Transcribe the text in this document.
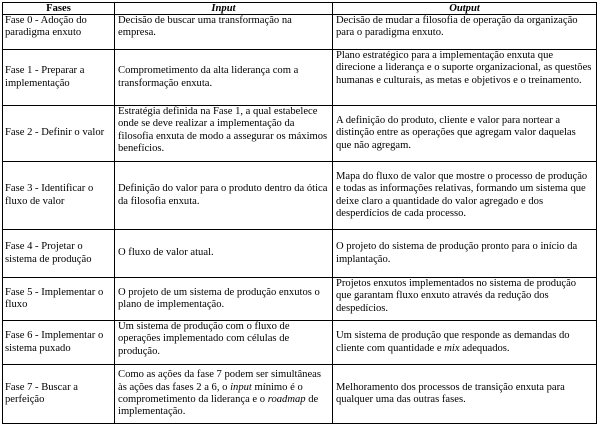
Fases	Input	Output
Fase 0 - Adoção do paradigma enxuto	Decisão de buscar uma transformação na empresa.	Decisão de mudar a filosofia de operação da organização para o paradigma enxuto.
Fase 1 - Preparar a implementação	Comprometimento da alta liderança com a transformação enxuta.	Plano estratégico para a implementação enxuta que direcione a liderança e o suporte organizacional, as questões humanas e culturais, as metas e objetivos e o treinamento.
Fase 2 - Definir o valor	Estratégia definida na Fase 1, a qual estabelece onde se deve realizar a implementação da filosofia enxuta de modo a assegurar os máximos benefícios.	A definição do produto, cliente e valor para nortear a distinção entre as operações que agregam valor daquelas que não agregam.
Fase 3 - Identificar o fluxo de valor	Definição do valor para o produto dentro da ótica da filosofia enxuta.	Mapa do fluxo de valor que mostre o processo de produção e todas as informações relativas, formando um sistema que deixe claro a quantidade do valor agregado e dos desperdícios de cada processo.
Fase 4 - Projetar o sistema de produção	O fluxo de valor atual.	O projeto do sistema de produção pronto para o início da implantação.
Fase 5 - Implementar o fluxo	O projeto de um sistema de produção enxutos o plano de implementação.	Projetos enxutos implementados no sistema de produção que garantam fluxo enxuto através da redução dos despedícios.
Fase 6 - Implementar o sistema puxado	Um sistema de produção com o fluxo de operações implementado com células de produção.	Um sistema de produção que responde as demandas do cliente com quantidade e mix adequados.
Fase 7 - Buscar a perfeição	Como as ações da fase 7 podem ser simultâneas às ações das fases 2 a 6, o input mínimo é o comprometimento da liderança e o roadmap de implementação.	Melhoramento dos processos de transição enxuta para qualquer uma das outras fases.
